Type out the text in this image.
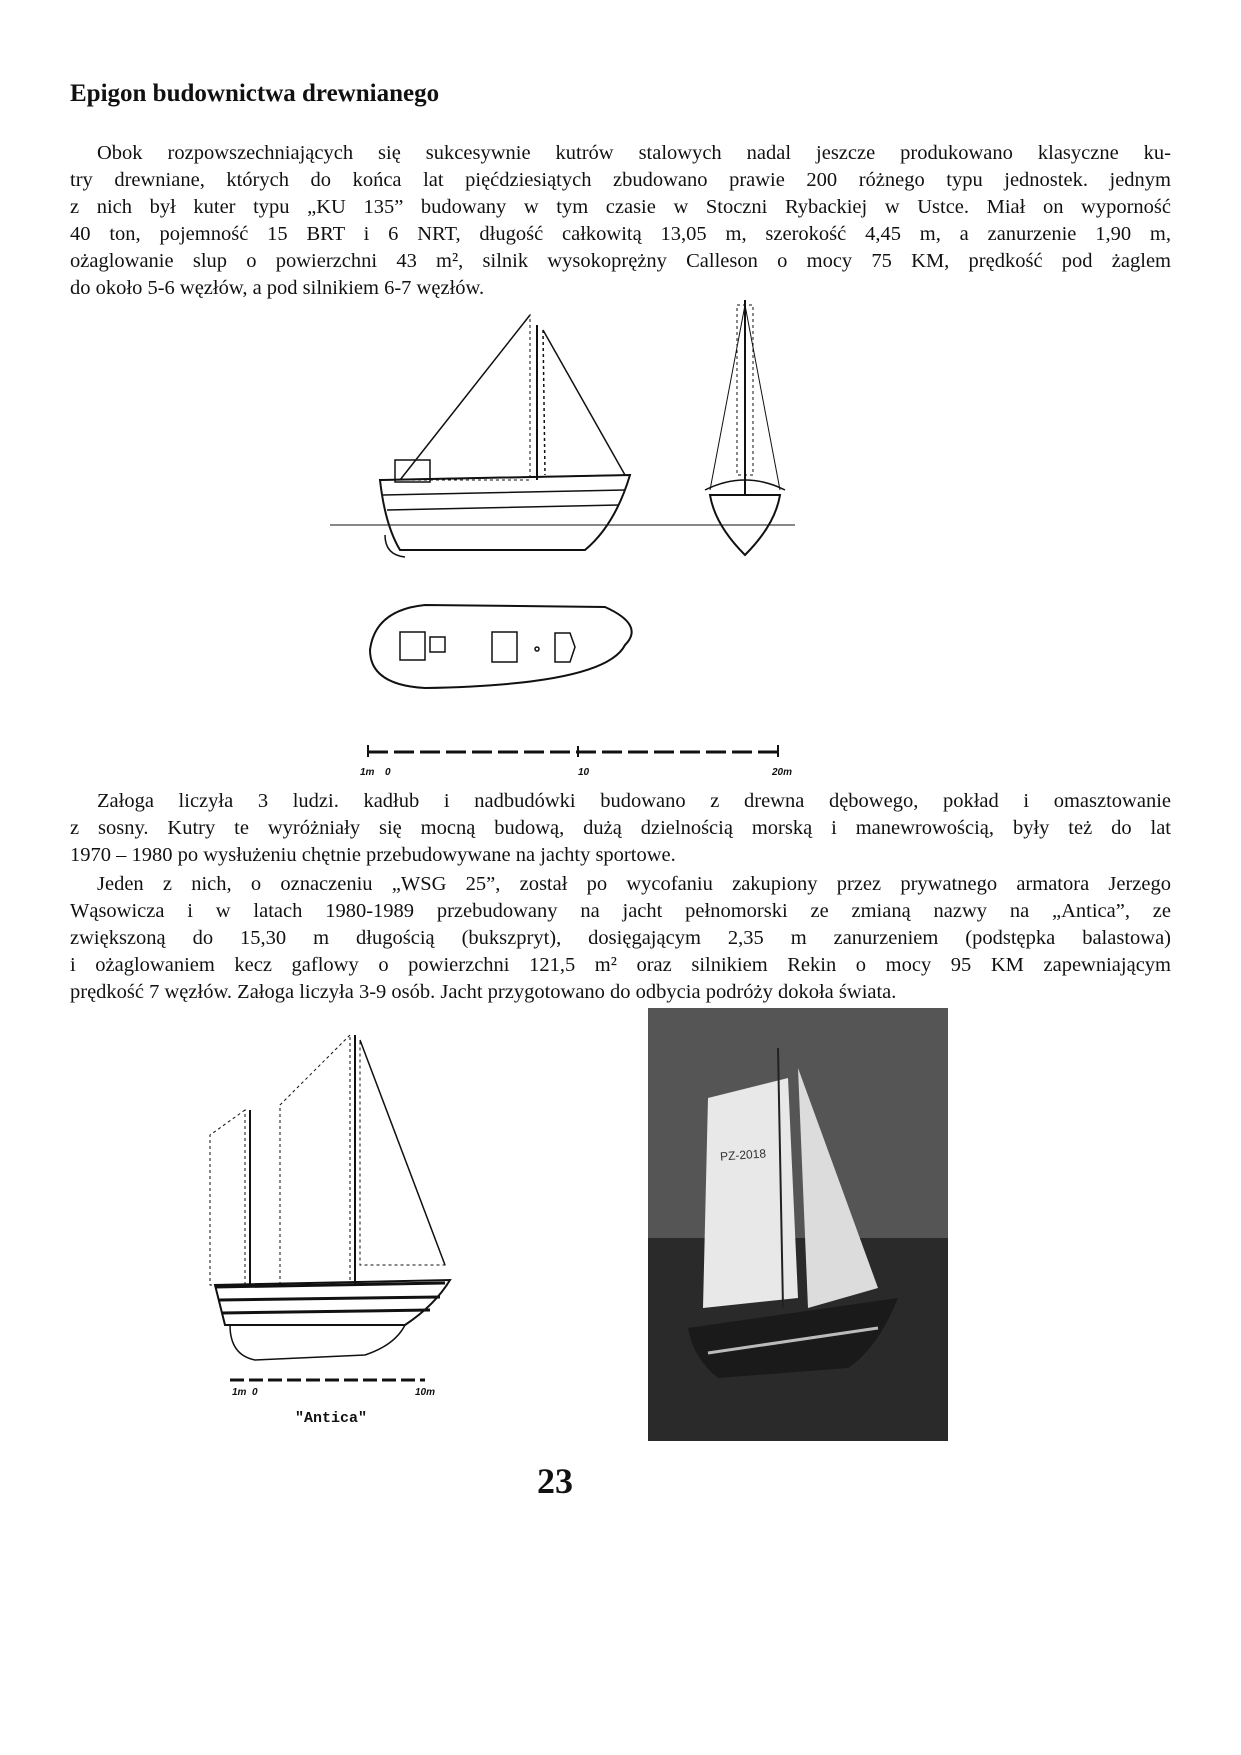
Epigon budownictwa drewnianego
Obok rozpowszechniających się sukcesywnie kutrów stalowych nadal jeszcze produkowano klasyczne ku-
try drewniane, których do końca lat pięćdziesiątych zbudowano prawie 200 różnego typu jednostek. jednym
z nich był kuter typu „KU 135” budowany w tym czasie w Stoczni Rybackiej w Ustce. Miał on wyporność
40 ton, pojemność 15 BRT i 6 NRT, długość całkowitą 13,05 m, szerokość 4,45 m, a zanurzenie 1,90 m,
ożaglowanie slup o powierzchni 43 m², silnik wysokoprężny Calleson o mocy 75 KM, prędkość pod żaglem
do około 5-6 węzłów, a pod silnikiem 6-7 węzłów.
1m 0	10	20m
Załoga liczyła 3 ludzi. kadłub i nadbudówki budowano z drewna dębowego, pokład i omasztowanie
z sosny. Kutry te wyróżniały się mocną budową, dużą dzielnością morską i manewrowością, były też do lat
1970 – 1980 po wysłużeniu chętnie przebudowywane na jachty sportowe.
Jeden z nich, o oznaczeniu „WSG 25”, został po wycofaniu zakupiony przez prywatnego armatora Jerzego
Wąsowicza i w latach 1980-1989 przebudowany na jacht pełnomorski ze zmianą nazwy na „Antica”, ze
zwiększoną do 15,30 m długością (bukszpryt), dosięgającym 2,35 m zanurzeniem (podstępka balastowa)
i ożaglowaniem kecz gaflowy o powierzchni 121,5 m² oraz silnikiem Rekin o mocy 95 KM zapewniającym
prędkość 7 węzłów. Załoga liczyła 3-9 osób. Jacht przygotowano do odbycia podróży dokoła świata.
1m 0	10m
"Antica"
PZ-2018
23
